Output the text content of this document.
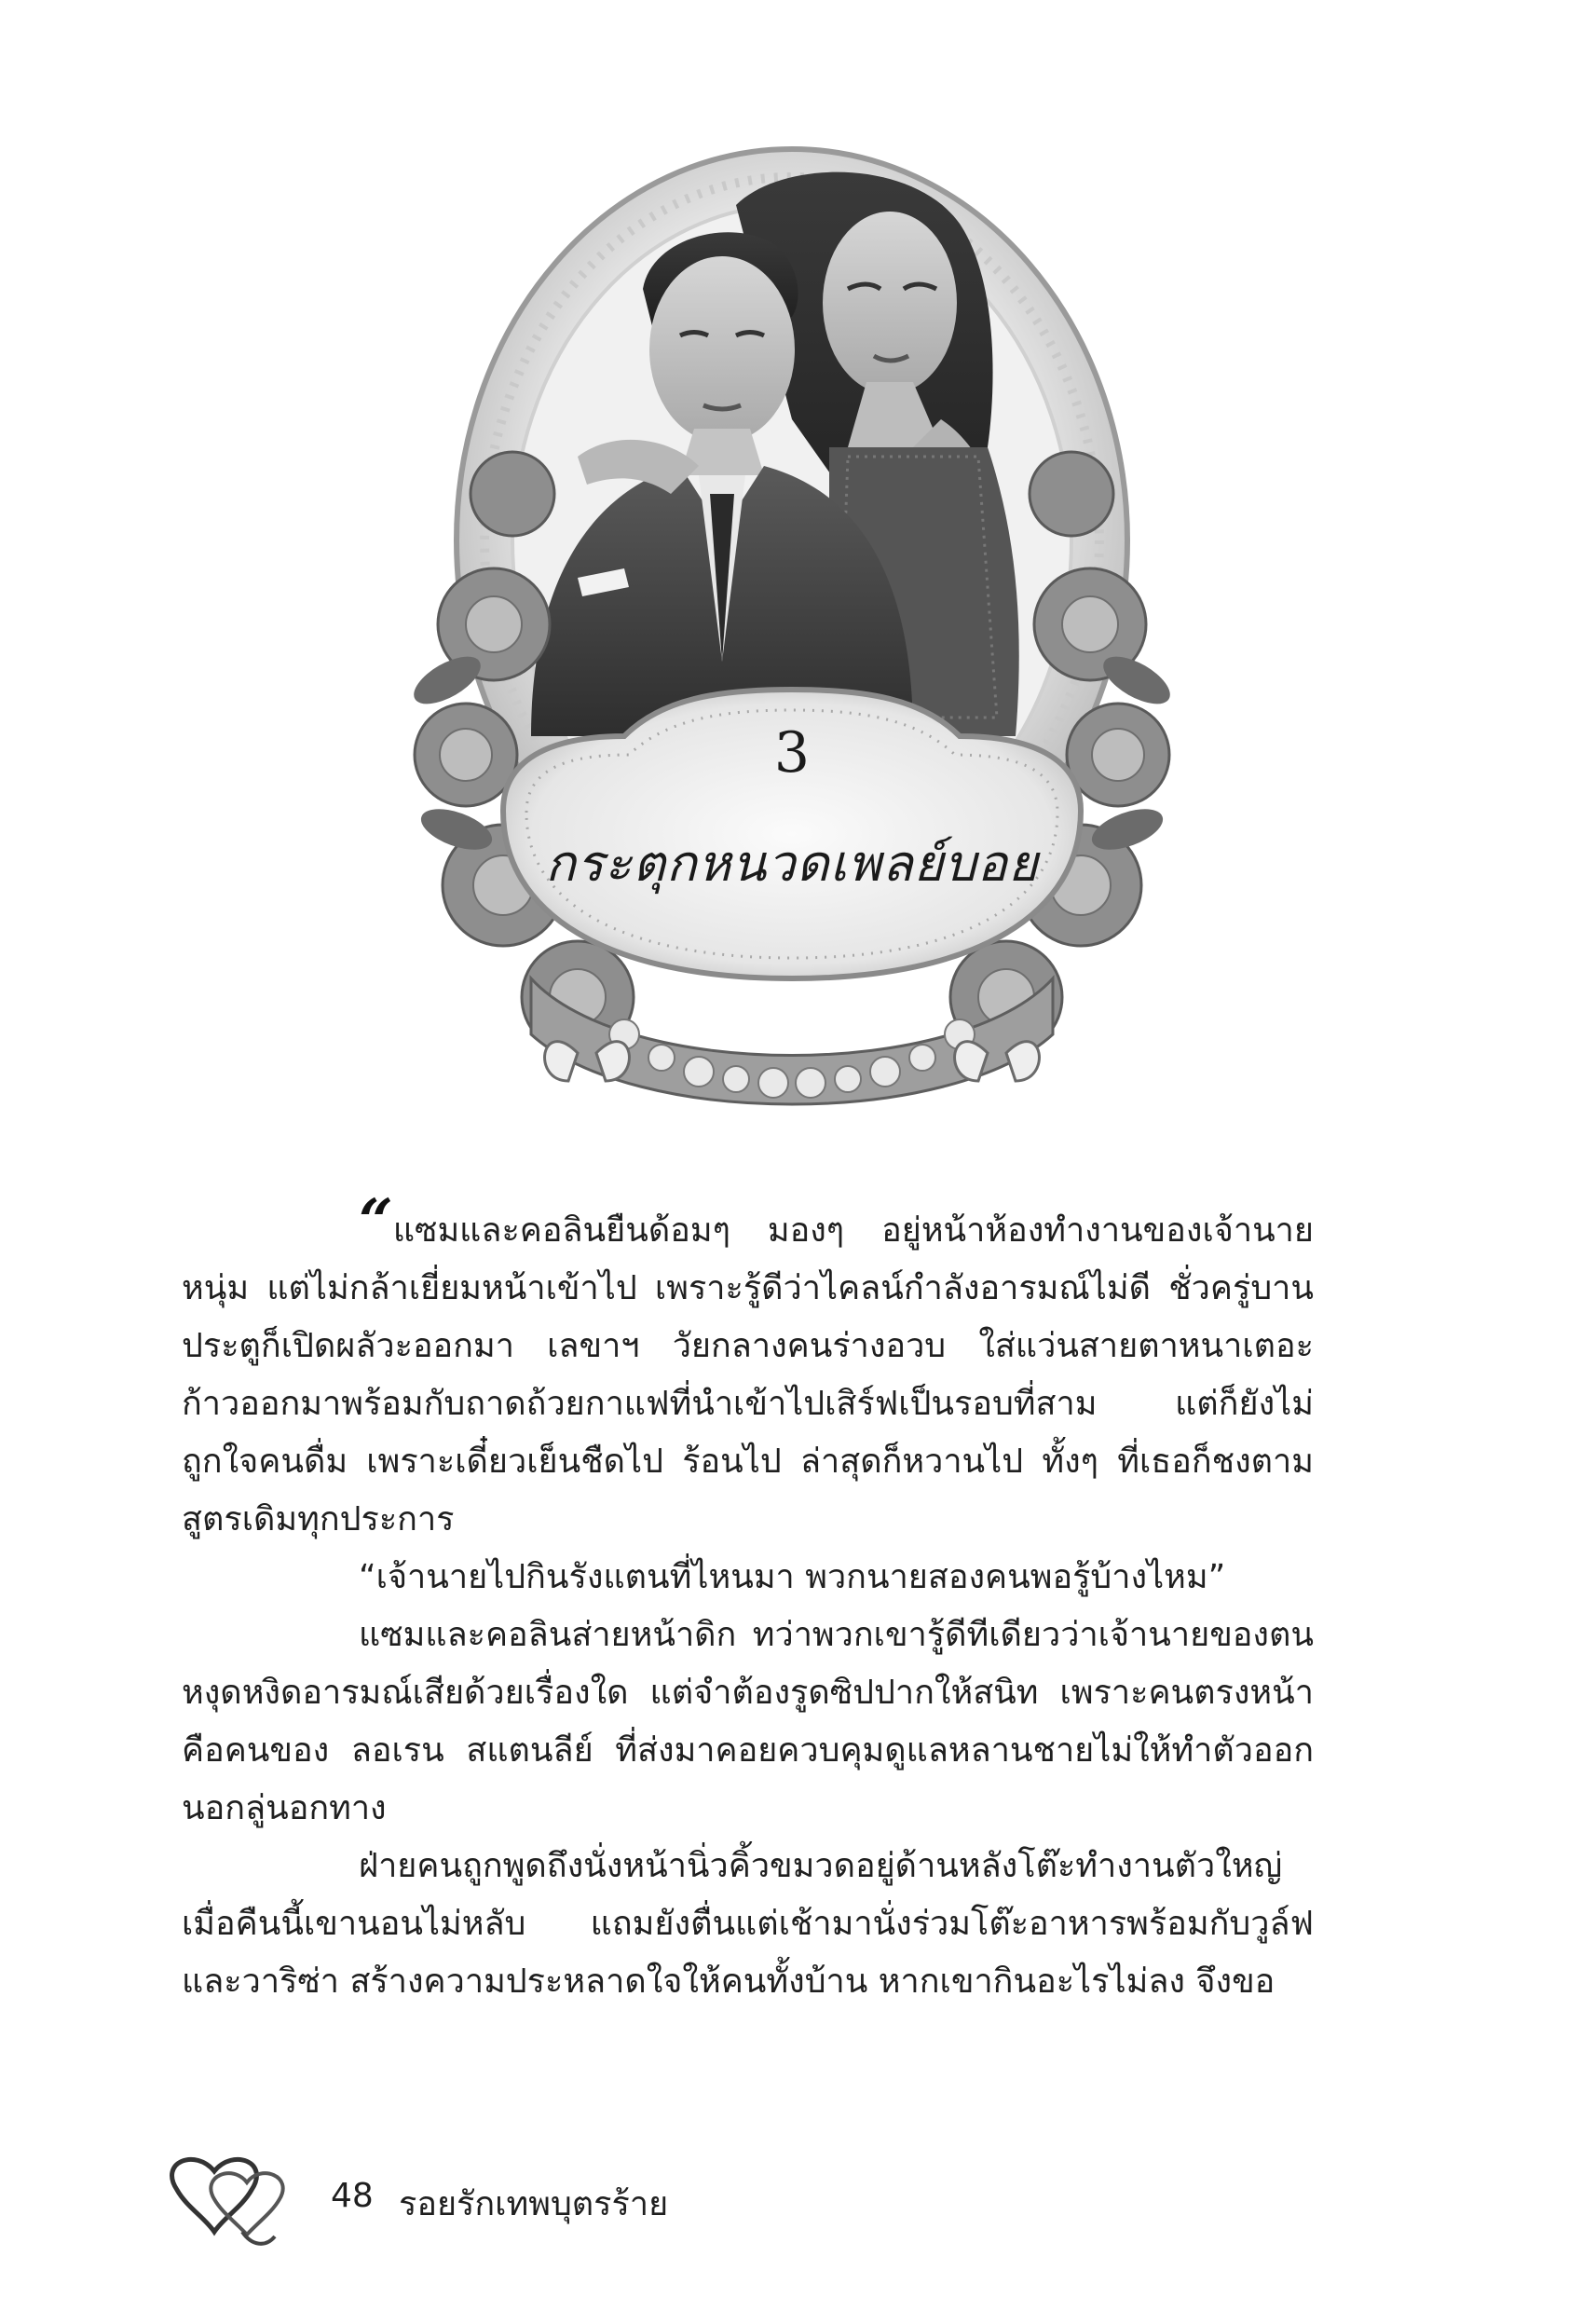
3
กระตุกหนวดเพลย์บอย

“แซมและคอลินยืนด้อมๆ มองๆ อยู่หน้าห้องทำงานของเจ้านายหนุ่ม แต่ไม่กล้าเยี่ยมหน้าเข้าไป เพราะรู้ดีว่าไคลน์กำลังอารมณ์ไม่ดี ชั่วครู่บานประตูก็เปิดผลัวะออกมา เลขาฯ วัยกลางคนร่างอวบ ใส่แว่นสายตาหนาเตอะ ก้าวออกมาพร้อมกับถาดถ้วยกาแฟที่นำเข้าไปเสิร์ฟเป็นรอบที่สาม แต่ก็ยังไม่ถูกใจคนดื่ม เพราะเดี๋ยวเย็นชืดไป ร้อนไป ล่าสุดก็หวานไป ทั้งๆ ที่เธอก็ชงตามสูตรเดิมทุกประการ

“เจ้านายไปกินรังแตนที่ไหนมา พวกนายสองคนพอรู้บ้างไหม”

แซมและคอลินส่ายหน้าดิก ทว่าพวกเขารู้ดีทีเดียวว่าเจ้านายของตนหงุดหงิดอารมณ์เสียด้วยเรื่องใด แต่จำต้องรูดซิปปากให้สนิท เพราะคนตรงหน้าคือคนของ ลอเรน สแตนลีย์ ที่ส่งมาคอยควบคุมดูแลหลานชายไม่ให้ทำตัวออกนอกลู่นอกทาง

ฝ่ายคนถูกพูดถึงนั่งหน้านิ่วคิ้วขมวดอยู่ด้านหลังโต๊ะทำงานตัวใหญ่ เมื่อคืนนี้เขานอนไม่หลับ แถมยังตื่นแต่เช้ามานั่งร่วมโต๊ะอาหารพร้อมกับวูล์ฟและวาริซ่า สร้างความประหลาดใจให้คนทั้งบ้าน หากเขากินอะไรไม่ลง จึงขอ

48 รอยรักเทพบุตรร้าย
